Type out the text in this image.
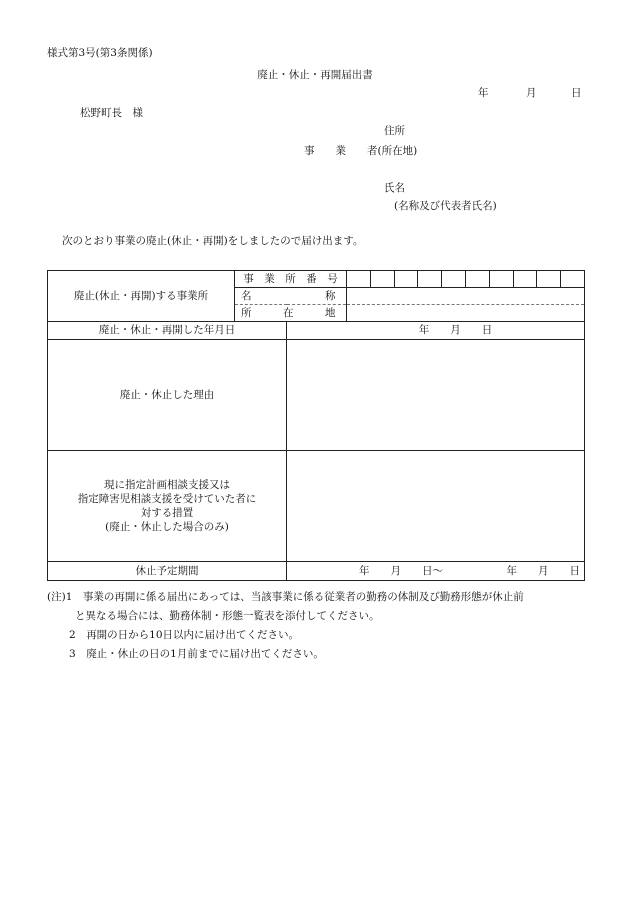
様式第3号(第3条関係)
廃止・休止・再開届出書
年	月	日
松野町長　様
住所
事　　業　　者(所在地)
氏名
(名称及び代表者氏名)
次のとおり事業の廃止(休止・再開)をしましたので届け出ます。
廃止(休止・再開)する事業所	事　業　所　番　号		

	名　　　　　　　称		
	所　　　在　　　地		
廃止・休止・再開した年月日		年　　月　　日	
廃止・休止した理由			

現に指定計画相談支援又は
指定障害児相談支援を受けていた者に
対する措置
(廃止・休止した場合のみ)			

休止予定期間		年　　月　　日～ 年　　月　　日	
(注)1　 事業の再開に係る届出にあっては、当該事業に係る従業者の勤務の体制及び勤務形態が休止前
と異なる場合には、勤務体制・形態一覧表を添付してください。
2　 再開の日から10日以内に届け出てください。
3　 廃止・休止の日の1月前までに届け出てください。
